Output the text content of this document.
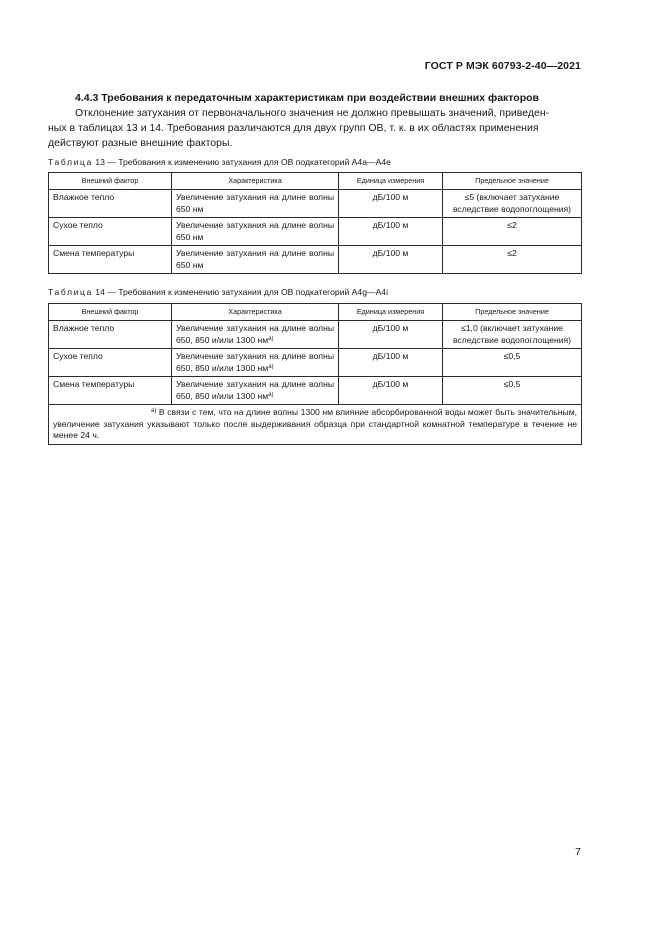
ГОСТ Р МЭК 60793-2-40—2021
4.4.3 Требования к передаточным характеристикам при воздействии внешних факторов
Отклонение затухания от первоначального значения не должно превышать значений, приведен-
ных в таблицах 13 и 14. Требования различаются для двух групп ОВ, т. к. в их областях применения
действуют разные внешние факторы.
Таблица 13 — Требования к изменению затухания для ОВ подкатегорий А4а—А4е
Внешний фактор	Характеристика	Единица измерения	Предельное значение
Влажное тепло	Увеличение затухания на длине волны 650 нм	дБ/100 м	≤5 (включает затухание вследствие водопоглощения)
Сухое тепло	Увеличение затухания на длине волны 650 нм	дБ/100 м	≤2
Смена температуры	Увеличение затухания на длине волны 650 нм	дБ/100 м	≤2
Таблица 14 — Требования к изменению затухания для ОВ подкатегорий A4g—A4i
Внешний фактор	Характеристика	Единица измерения	Предельное значение
Влажное тепло	Увеличение затухания на длине волны 650, 850 и/или 1300 $нм^{а)}$	дБ/100 м	≤1,0 (включает затухание вследствие водопоглощения)
Сухое тепло	Увеличение затухания на длине волны 650, 850 и/или 1300 $нм^{а)}$	дБ/100 м	≤0,5
Смена температуры	Увеличение затухания на длине волны 650, 850 и/или 1300 $нм^{а)}$	дБ/100 м	≤0,5
$^{а)}$ В связи с тем, что на длине волны 1300 нм влияние абсорбированной воды может быть значительным, увеличение затухания указывают только после выдерживания образца при стандартной комнатной температуре в течение не менее 24 ч.			
7
